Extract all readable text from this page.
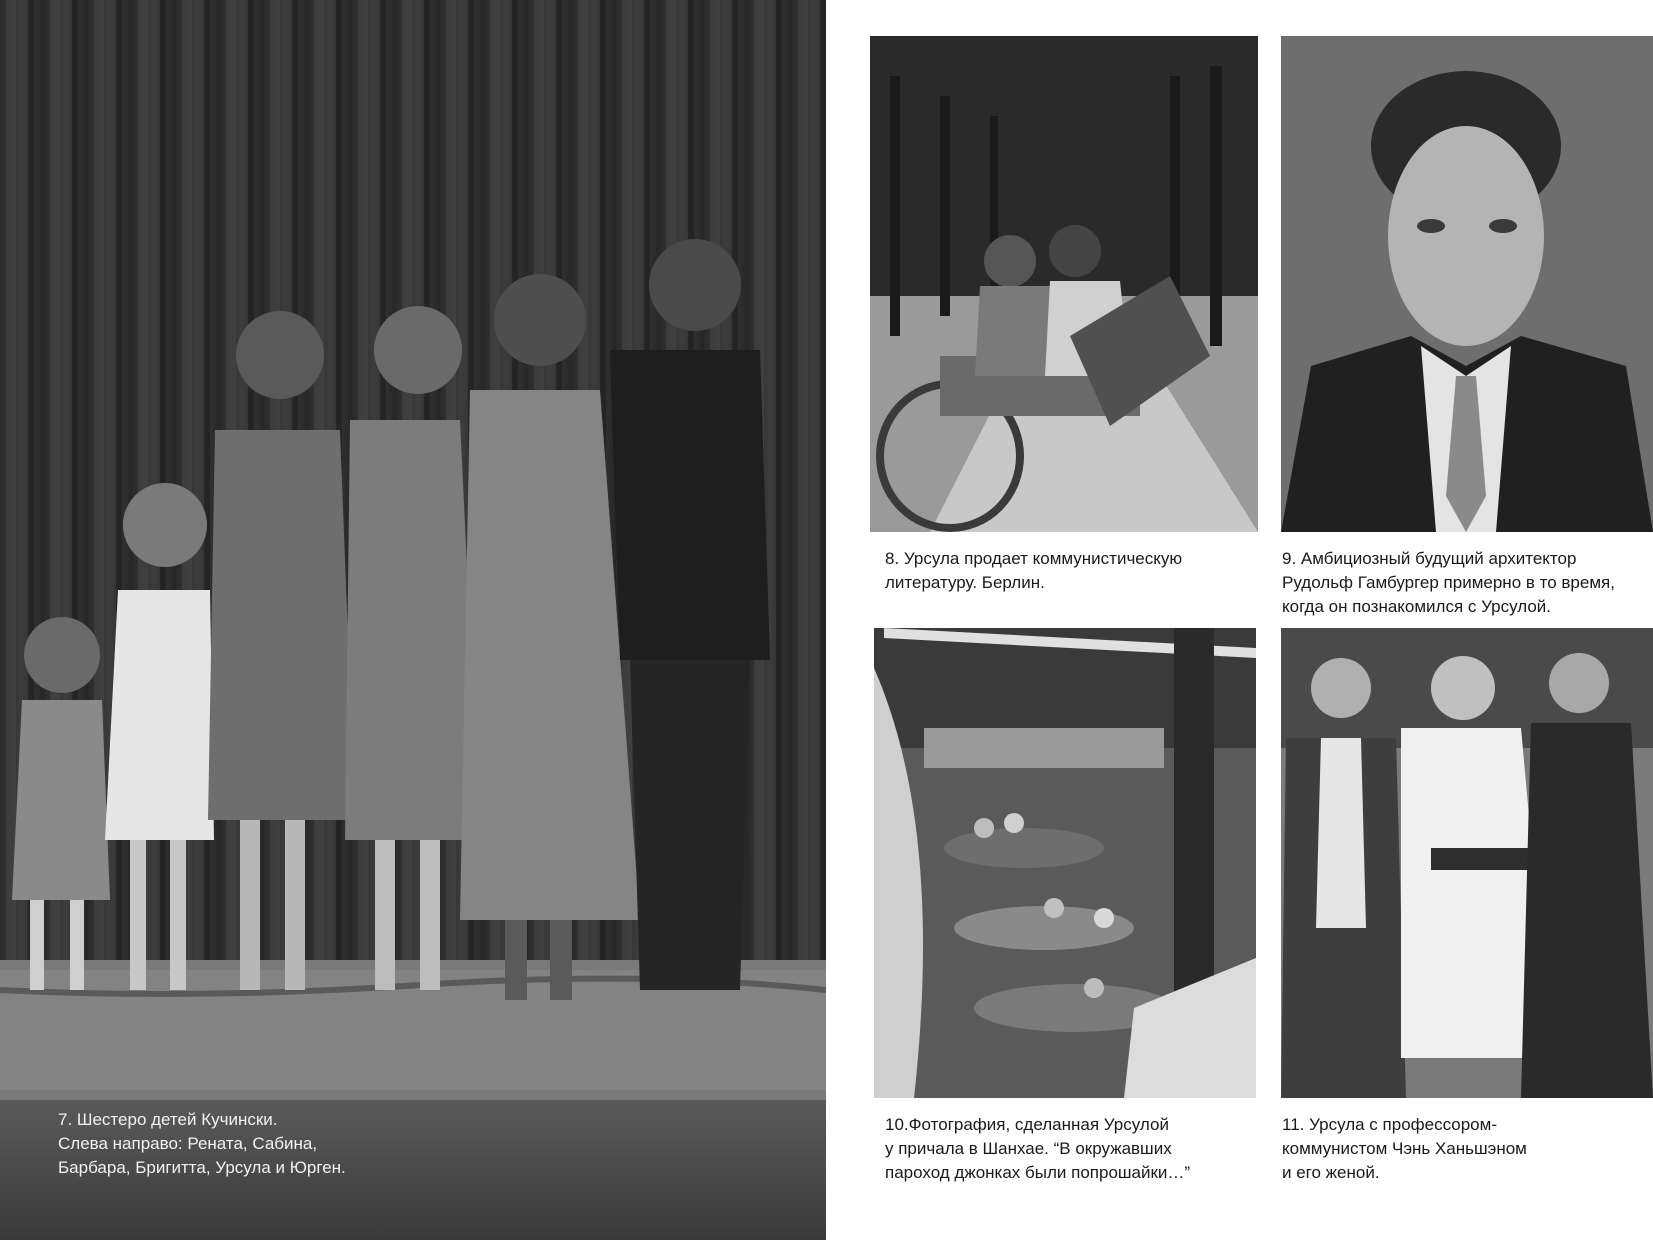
7. Шестеро детей Кучински.
Слева направо: Рената, Сабина,
Барбара, Бригитта, Урсула и Юрген.
8. Урсула продает коммунистическую
литературу. Берлин.
9. Амбициозный будущий архитектор
Рудольф Гамбургер примерно в то время,
когда он познакомился с Урсулой.
10.Фотография, сделанная Урсулой
у причала в Шанхае. “В окружавших
пароход джонках были попрошайки…”
11. Урсула с профессором-
коммунистом Чэнь Ханьшэном
и его женой.
